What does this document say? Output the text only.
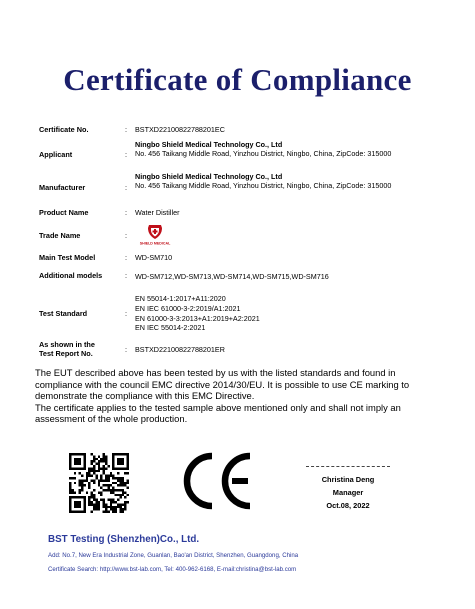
Certificate of Compliance
Certificate No.	: BSTXD22100822788201EC
Applicant	:
Ningbo Shield Medical Technology Co., Ltd
No. 456 Taikang Middle Road, Yinzhou District, Ningbo, China, ZipCode: 315000
Manufacturer	:
Ningbo Shield Medical Technology Co., Ltd
No. 456 Taikang Middle Road, Yinzhou District, Ningbo, China, ZipCode: 315000
Product Name	: Water Distiller
Trade Name	:
SHIELD MEDICAL
Main Test Model	: WD-SM710
Additional models	: WD-SM712,WD-SM713,WD-SM714,WD-SM715,WD-SM716
Test Standard	:
EN 55014-1:2017+A11:2020
EN IEC 61000-3-2:2019/A1:2021
EN 61000-3-3:2013+A1:2019+A2:2021
EN IEC 55014-2:2021
As shown in the
Test Report No.	: BSTXD22100822788201ER
The EUT described above has been tested by us with the listed standards and found in compliance with the council EMC directive 2014/30/EU. It is possible to use CE marking to demonstrate the compliance with this EMC Directive.
The certificate applies to the tested sample above mentioned only and shall not imply an assessment of the whole production.
Christina Deng
Manager
Oct.08, 2022
BST Testing (Shenzhen)Co., Ltd.
Add: No.7, New Era Industrial Zone, Guanlan, Bao'an District, Shenzhen, Guangdong, China
Certificate Search: http://www.bst-lab.com, Tel: 400-962-6168, E-mail:christina@bst-lab.com
